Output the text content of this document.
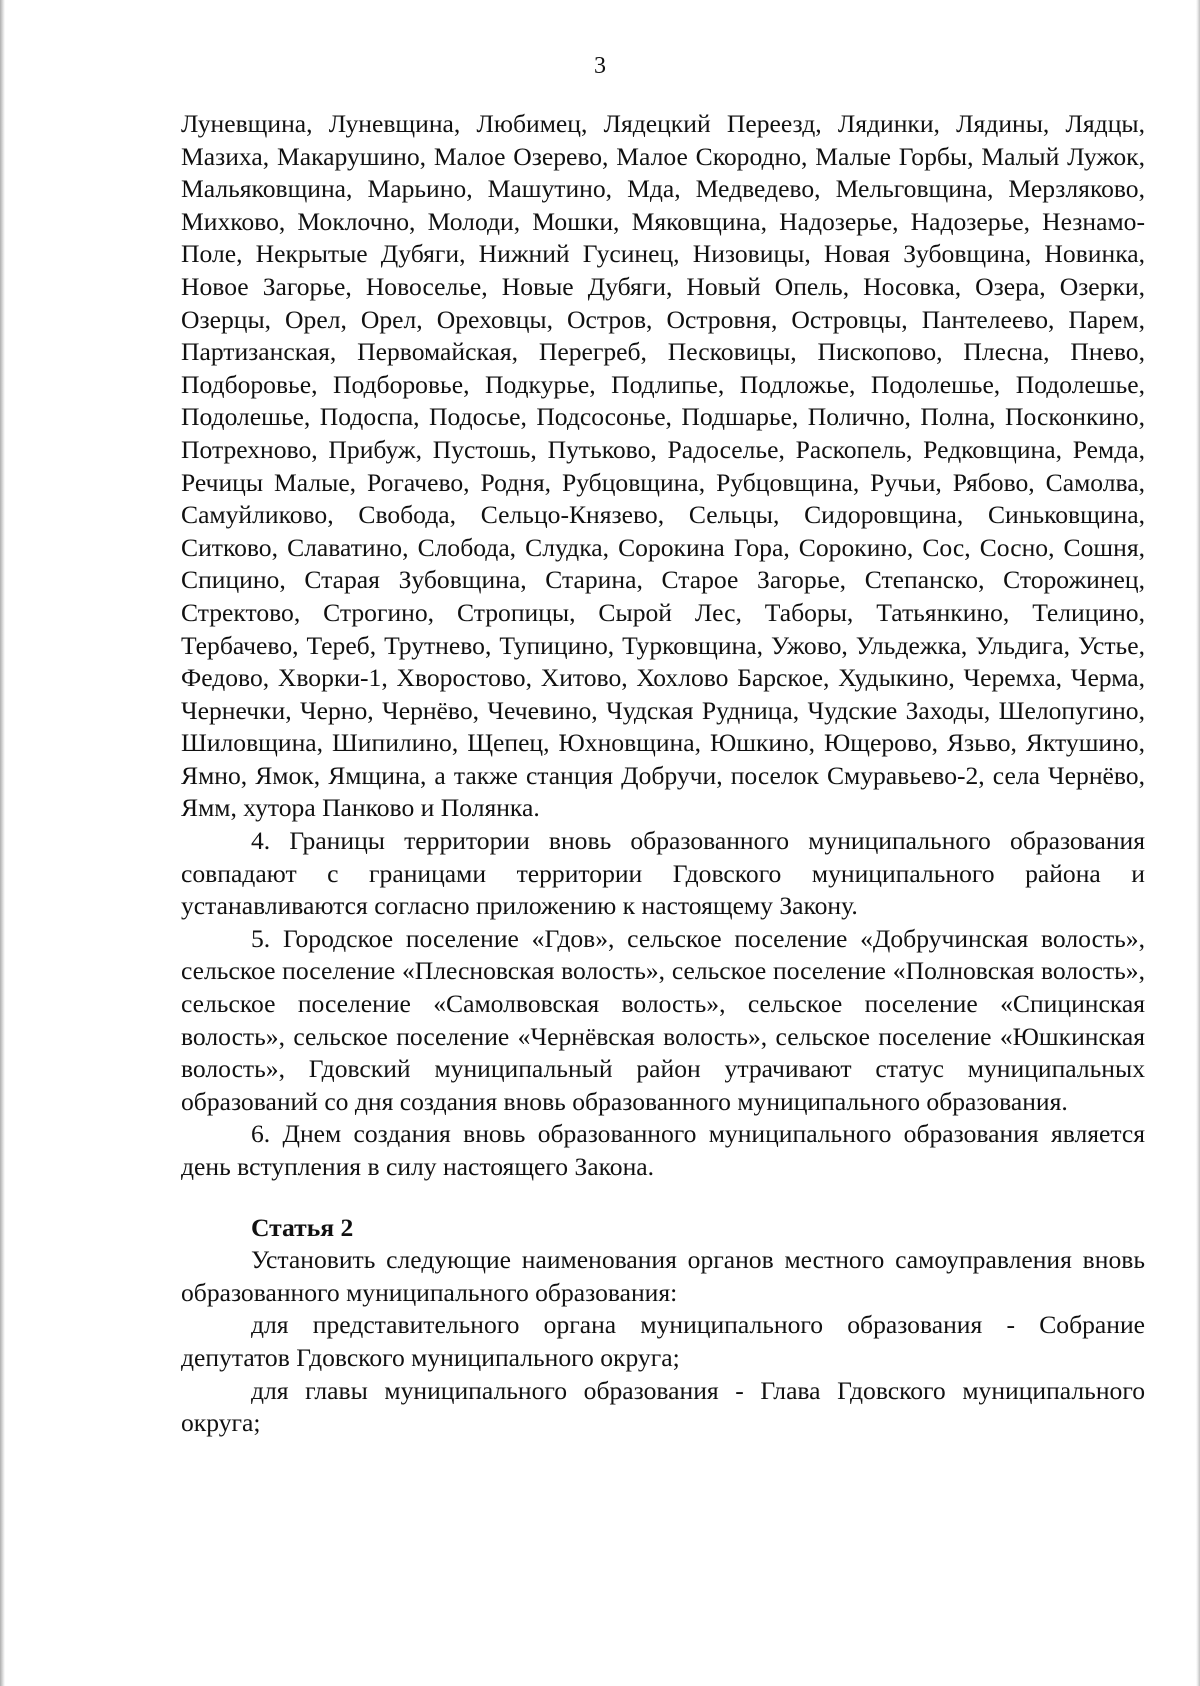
3

Луневщина, Луневщина, Любимец, Лядецкий Переезд, Лядинки, Лядины, Лядцы, Мазиха, Макарушино, Малое Озерево, Малое Скородно, Малые Горбы, Малый Лужок, Мальяковщина, Марьино, Машутино, Мда, Медведево, Мельговщина, Мерзляково, Михково, Моклочно, Молоди, Мошки, Мяковщина, Надозерье, Надозерье, Незнамо-Поле, Некрытые Дубяги, Нижний Гусинец, Низовицы, Новая Зубовщина, Новинка, Новое Загорье, Новоселье, Новые Дубяги, Новый Опель, Носовка, Озера, Озерки, Озерцы, Орел, Орел, Ореховцы, Остров, Островня, Островцы, Пантелеево, Парем, Партизанская, Первомайская, Перегреб, Песковицы, Пископово, Плесна, Пнево, Подборовье, Подборовье, Подкурье, Подлипье, Подложье, Подолешье, Подолешье, Подолешье, Подоспа, Подосье, Подсосонье, Подшарье, Полично, Полна, Посконкино, Потрехново, Прибуж, Пустошь, Путьково, Радоселье, Раскопель, Редковщина, Ремда, Речицы Малые, Рогачево, Родня, Рубцовщина, Рубцовщина, Ручьи, Рябово, Самолва, Самуйликово, Свобода, Сельцо-Князево, Сельцы, Сидоровщина, Синьковщина, Ситково, Славатино, Слобода, Слудка, Сорокина Гора, Сорокино, Сос, Сосно, Сошня, Спицино, Старая Зубовщина, Старина, Старое Загорье, Степанско, Сторожинец, Стректово, Строгино, Стропицы, Сырой Лес, Таборы, Татьянкино, Телицино, Тербачево, Тереб, Трутнево, Тупицино, Турковщина, Ужово, Ульдежка, Ульдига, Устье, Федово, Хворки-1, Хворостово, Хитово, Хохлово Барское, Худыкино, Черемха, Черма, Чернечки, Черно, Чернёво, Чечевино, Чудская Рудница, Чудские Заходы, Шелопугино, Шиловщина, Шипилино, Щепец, Юхновщина, Юшкино, Ющерово, Язьво, Яктушино, Ямно, Ямок, Ямщина, а также станция Добручи, поселок Смуравьево-2, села Чернёво, Ямм, хутора Панково и Полянка.

4. Границы территории вновь образованного муниципального образования совпадают с границами территории Гдовского муниципального района и устанавливаются согласно приложению к настоящему Закону.

5. Городское поселение «Гдов», сельское поселение «Добручинская волость», сельское поселение «Плесновская волость», сельское поселение «Полновская волость», сельское поселение «Самолвовская волость», сельское поселение «Спицинская волость», сельское поселение «Чернёвская волость», сельское поселение «Юшкинская волость», Гдовский муниципальный район утрачивают статус муниципальных образований со дня создания вновь образованного муниципального образования.

6. Днем создания вновь образованного муниципального образования является день вступления в силу настоящего Закона.

Статья 2

Установить следующие наименования органов местного самоуправления вновь образованного муниципального образования:

для представительного органа муниципального образования - Собрание депутатов Гдовского муниципального округа;

для главы муниципального образования - Глава Гдовского муниципального округа;
